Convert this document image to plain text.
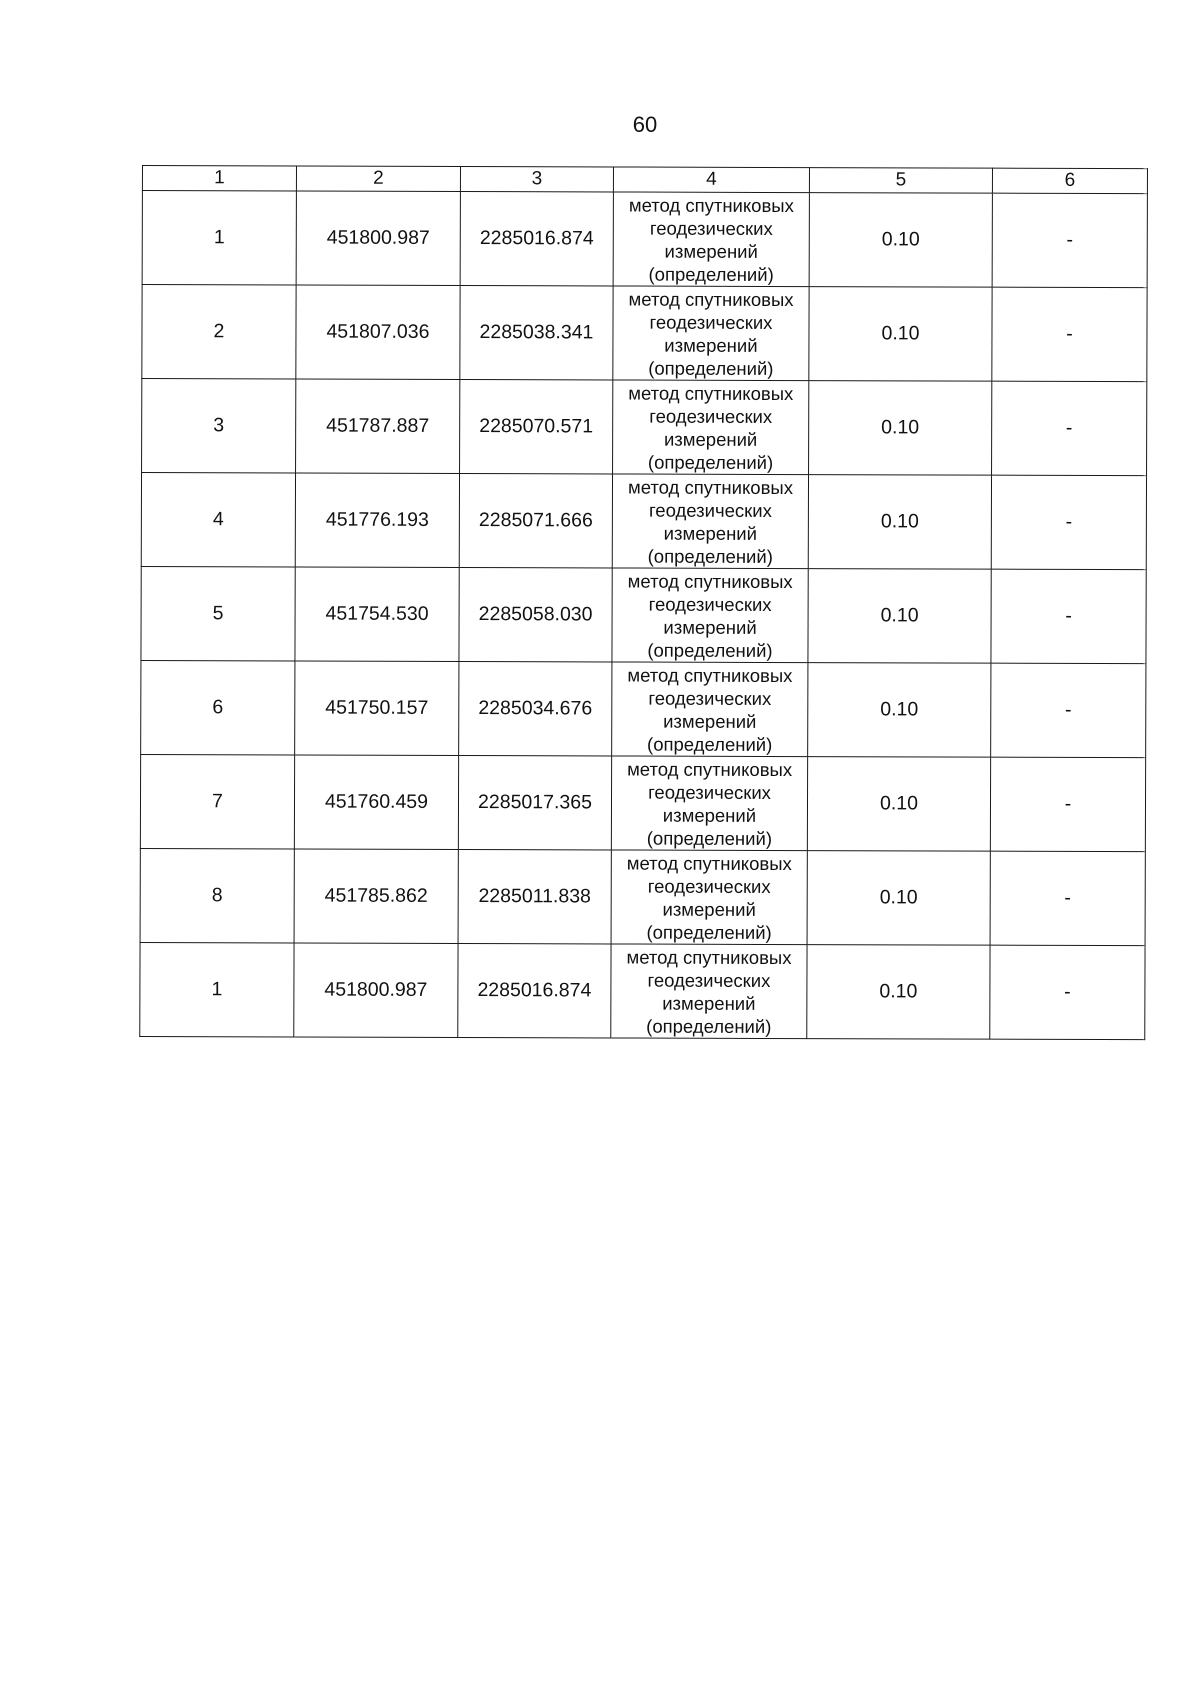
60
1	2	3	4	5	6
1	451800.987	2285016.874	метод спутниковых
геодезических
измерений
(определений)	0.10	-
2	451807.036	2285038.341	метод спутниковых
геодезических
измерений
(определений)	0.10	-
3	451787.887	2285070.571	метод спутниковых
геодезических
измерений
(определений)	0.10	-
4	451776.193	2285071.666	метод спутниковых
геодезических
измерений
(определений)	0.10	-
5	451754.530	2285058.030	метод спутниковых
геодезических
измерений
(определений)	0.10	-
6	451750.157	2285034.676	метод спутниковых
геодезических
измерений
(определений)	0.10	-
7	451760.459	2285017.365	метод спутниковых
геодезических
измерений
(определений)	0.10	-
8	451785.862	2285011.838	метод спутниковых
геодезических
измерений
(определений)	0.10	-
1	451800.987	2285016.874	метод спутниковых
геодезических
измерений
(определений)	0.10	-
